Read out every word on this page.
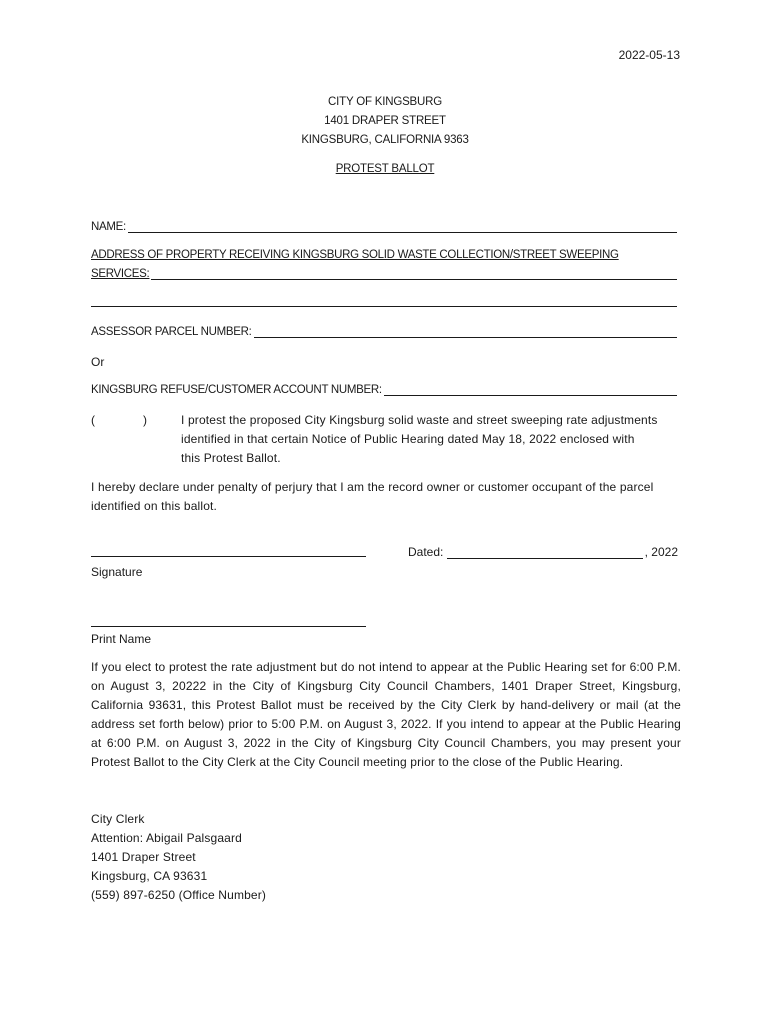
2022-05-13
CITY OF KINGSBURG
1401 DRAPER STREET
KINGSBURG, CALIFORNIA 9363
PROTEST BALLOT
NAME:
ADDRESS OF PROPERTY RECEIVING KINGSBURG SOLID WASTE COLLECTION/STREET SWEEPING
SERVICES:
ASSESSOR PARCEL NUMBER:
Or
KINGSBURG REFUSE/CUSTOMER ACCOUNT NUMBER:
(	)	I protest the proposed City Kingsburg solid waste and street sweeping rate adjustments
identified in that certain Notice of Public Hearing dated May 18, 2022 enclosed with
this Protest Ballot.
I hereby declare under penalty of perjury that I am the record owner or customer occupant of the parcel identified on this ballot.
Dated:	, 2022
Signature
Print Name
If you elect to protest the rate adjustment but do not intend to appear at the Public Hearing set for 6:00 P.M. on August 3, 20222 in the City of Kingsburg City Council Chambers, 1401 Draper Street, Kingsburg, California 93631, this Protest Ballot must be received by the City Clerk by hand-delivery or mail (at the address set forth below) prior to 5:00 P.M. on August 3, 2022. If you intend to appear at the Public Hearing at 6:00 P.M. on August 3, 2022 in the City of Kingsburg City Council Chambers, you may present your Protest Ballot to the City Clerk at the City Council meeting prior to the close of the Public Hearing.
City Clerk
Attention: Abigail Palsgaard
1401 Draper Street
Kingsburg, CA 93631
(559) 897-6250 (Office Number)
